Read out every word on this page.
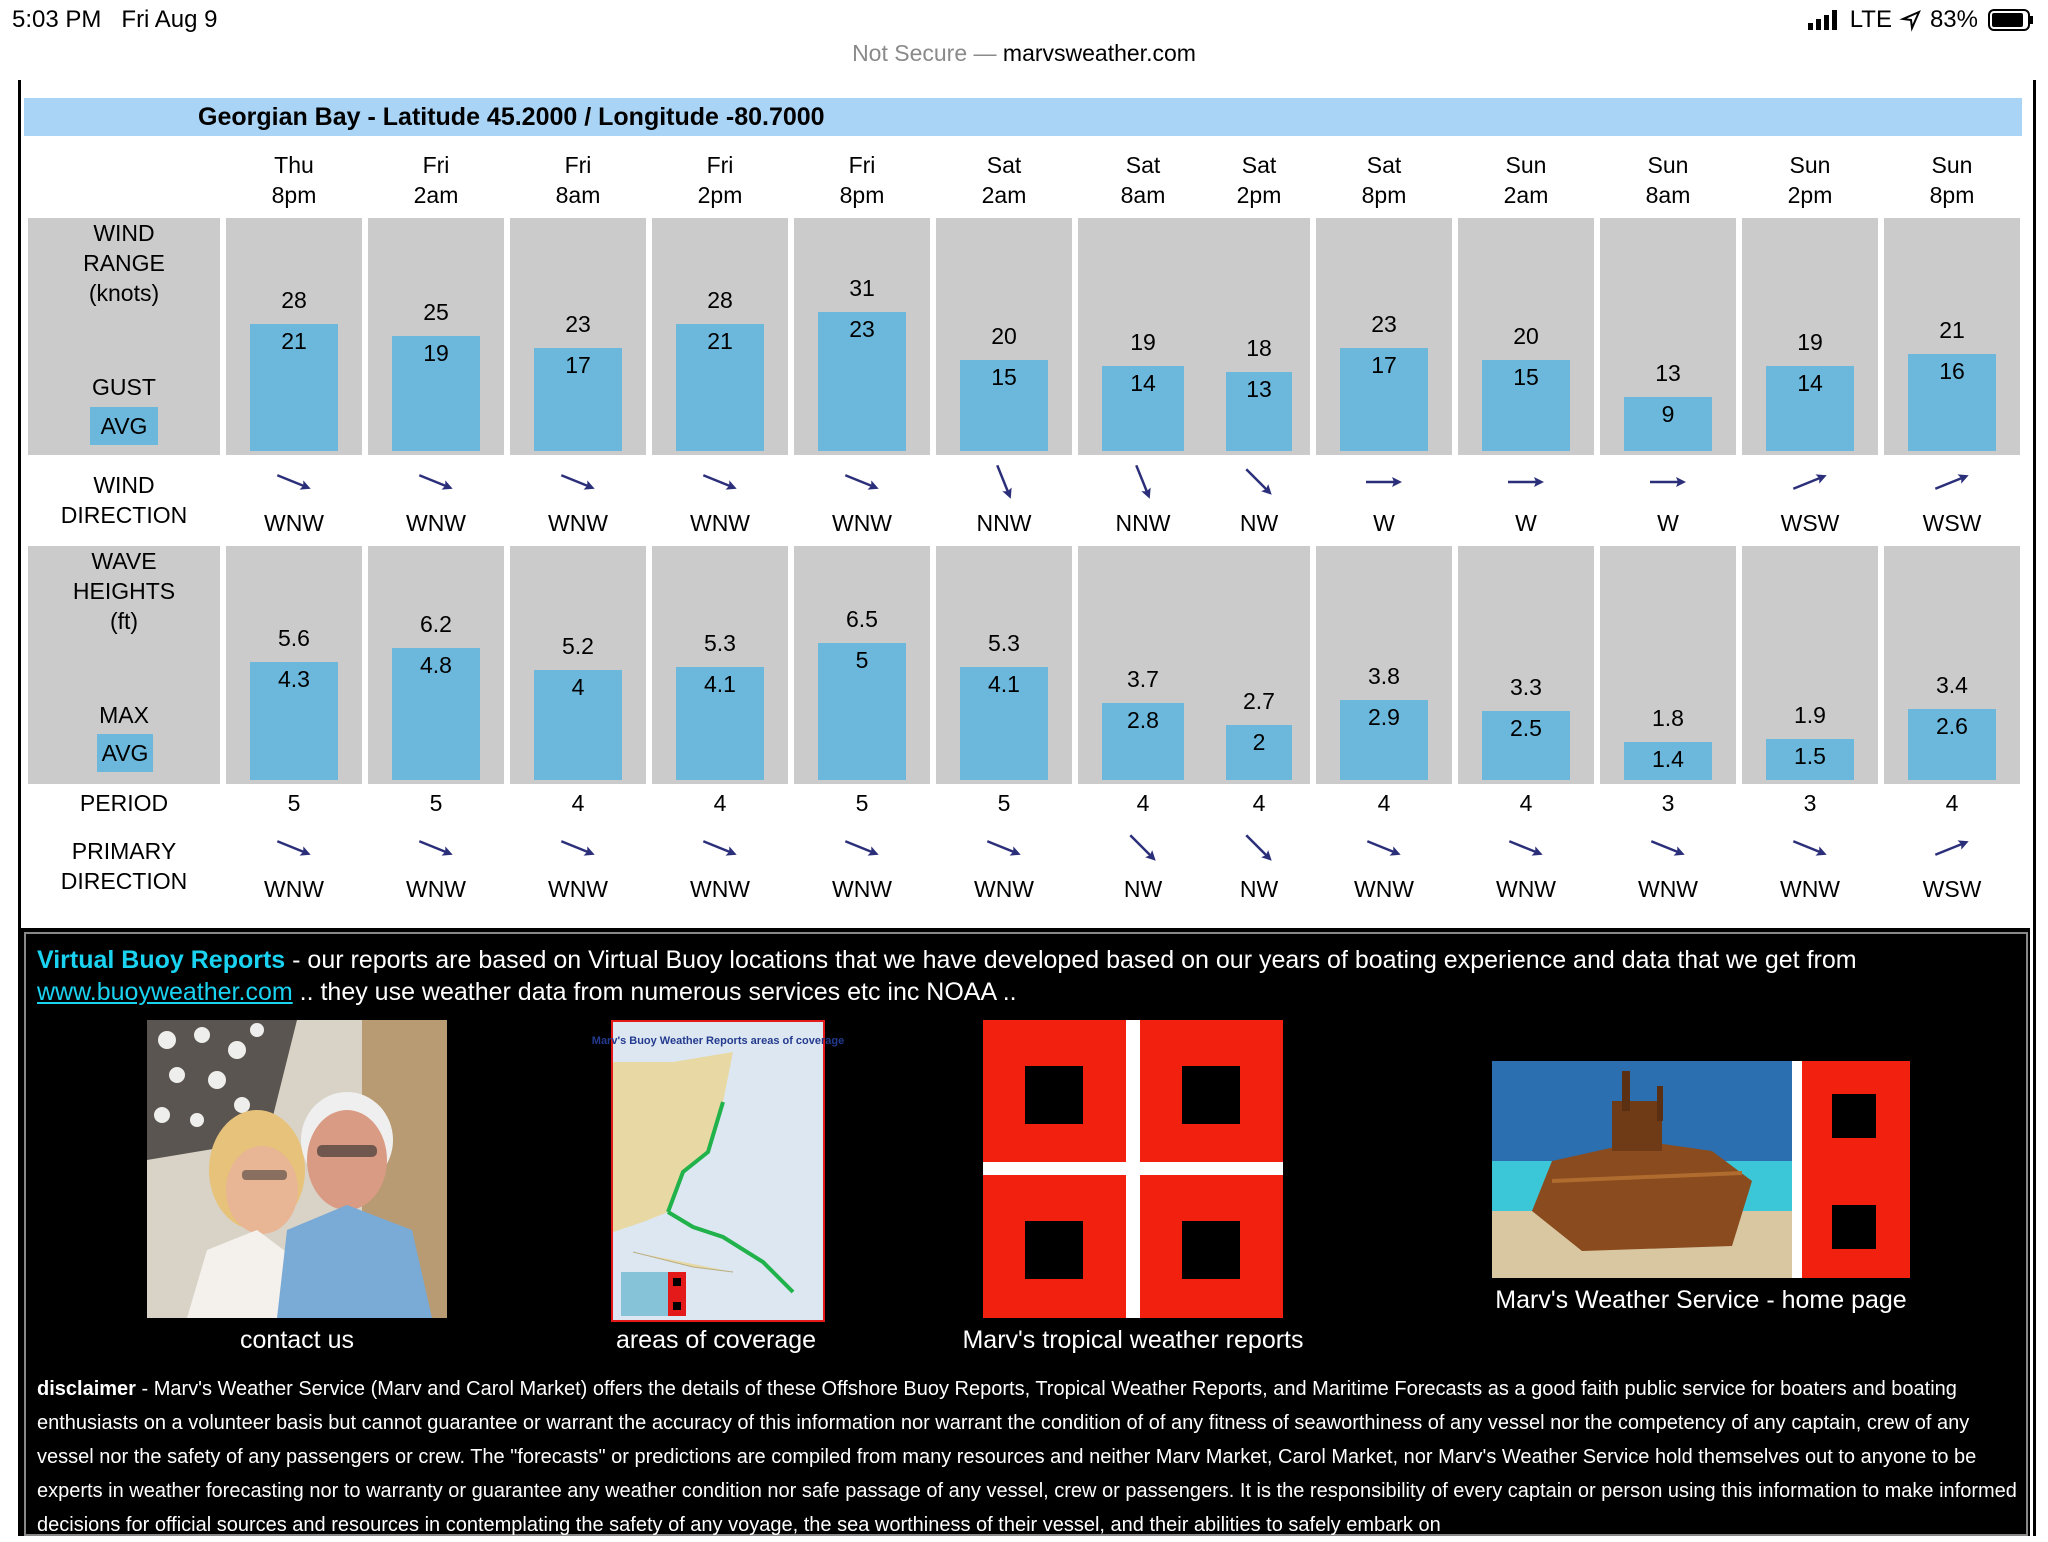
5:03 PM Fri Aug 9	LTE 83%
Not Secure — marvsweather.com
Georgian Bay - Latitude 45.2000 / Longitude -80.7000
WIND
RANGE
(knots)
GUST
AVG
WIND
DIRECTION
WAVE
HEIGHTS
(ft)
MAX
AVG
PERIOD
PRIMARY
DIRECTION
Thu
8pm
28
21
WNW
5.6
4.3
5
WNW
Fri
2am
25
19
WNW
6.2
4.8
5
WNW
Fri
8am
23
17
WNW
5.2
4
4
WNW
Fri
2pm
28
21
WNW
5.3
4.1
4
WNW
Fri
8pm
31
23
WNW
6.5
5
5
WNW
Sat
2am
20
15
NNW
5.3
4.1
5
WNW
Sat
8am
19
14
NNW
3.7
2.8
4
NW
Sat
2pm
18
13
NW
2.7
2
4
NW
Sat
8pm
23
17
W
3.8
2.9
4
WNW
Sun
2am
20
15
W
3.3
2.5
4
WNW
Sun
8am
13
9
W
1.8
1.4
3
WNW
Sun
2pm
19
14
WSW
1.9
1.5
3
WNW
Sun
8pm
21
16
WSW
3.4
2.6
4
WSW
Virtual Buoy Reports - our reports are based on Virtual Buoy locations that we have developed based on our years of boating experience and data that we get from
www.buoyweather.com .. they use weather data from numerous services etc inc NOAA ..
contact us
Marv's Buoy Weather Reports areas of coverage
areas of coverage	Marv's tropical weather reports
Marv's Weather Service - home page
disclaimer - Marv's Weather Service (Marv and Carol Market) offers the details of these Offshore Buoy Reports, Tropical Weather Reports, and Maritime Forecasts as a good faith public service for boaters and boating enthusiasts on a volunteer basis but cannot guarantee or warrant the accuracy of this information nor warrant the condition of of any fitness of seaworthiness of any vessel nor the competency of any captain, crew of any vessel nor the safety of any passengers or crew. The "forecasts" or predictions are compiled from many resources and neither Marv Market, Carol Market, nor Marv's Weather Service hold themselves out to anyone to be experts in weather forecasting nor to warranty or guarantee any weather condition nor safe passage of any vessel, crew or passengers. It is the responsibility of every captain or person using this information to make informed decisions for official sources and resources in contemplating the safety of any voyage, the sea worthiness of their vessel, and their abilities to safely embark on
